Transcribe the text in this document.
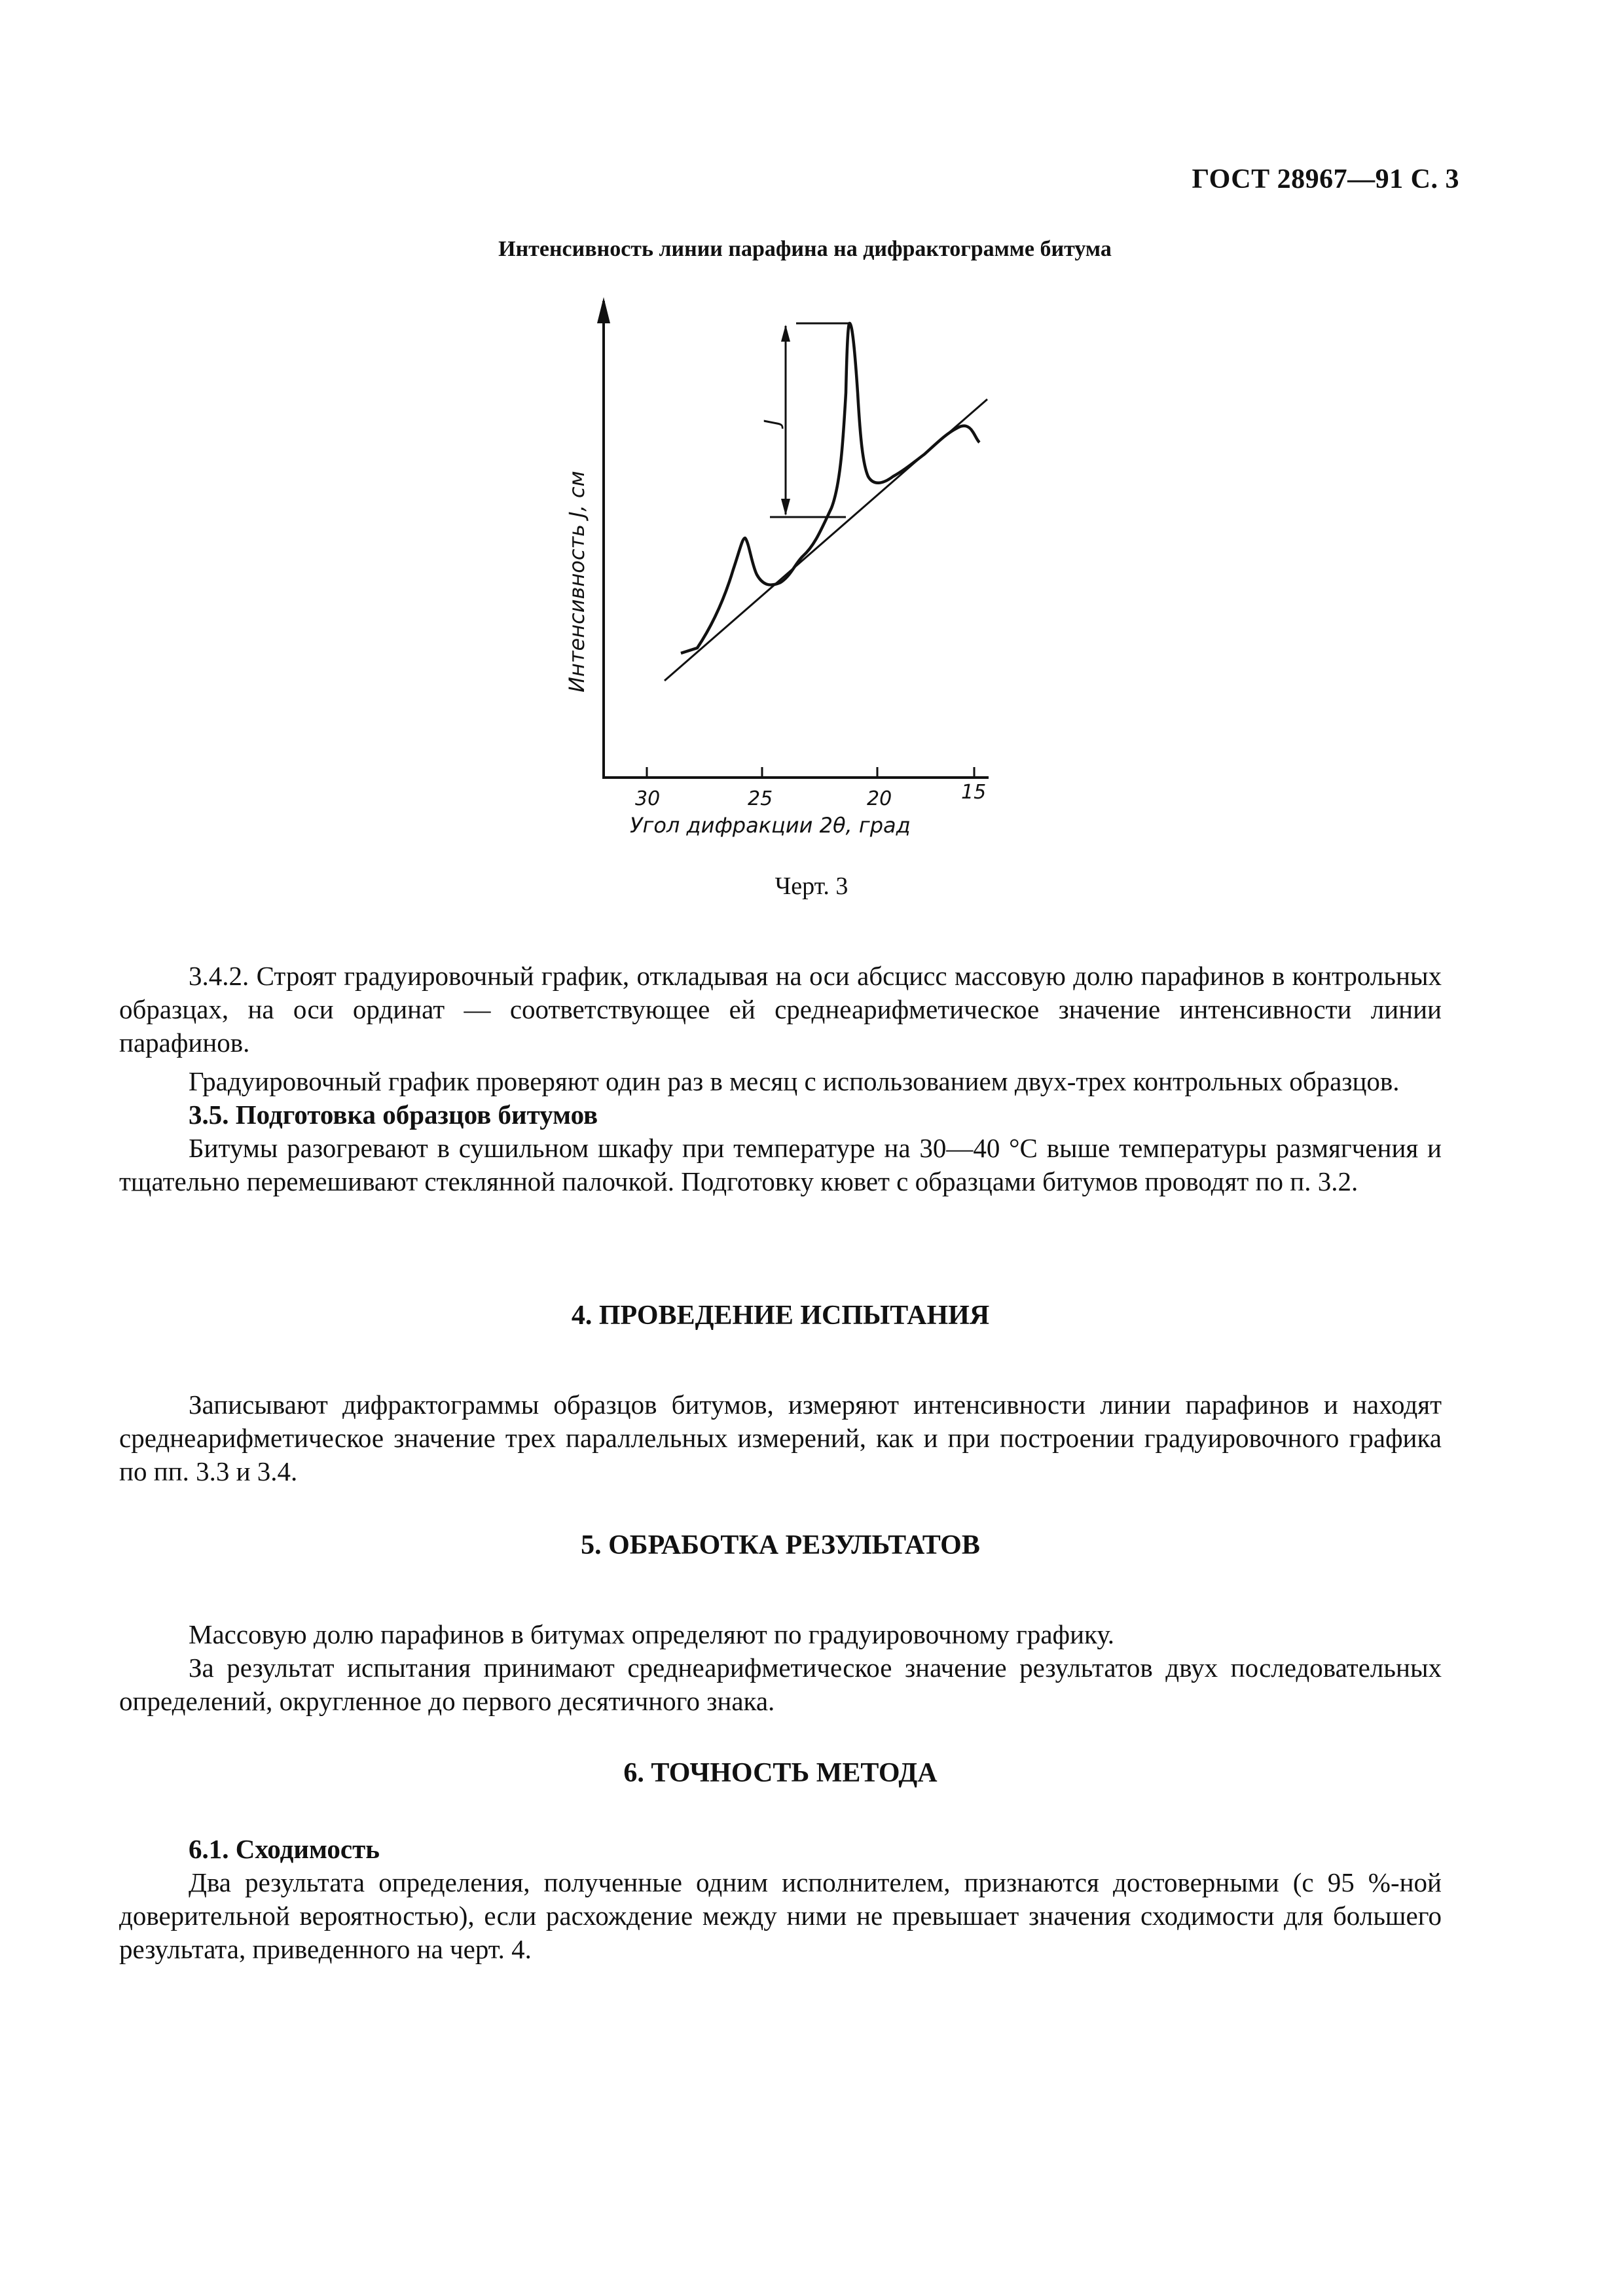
ГОСТ 28967—91 С. 3
Интенсивность линии парафина на дифрактограмме битума
30	25	20	15
Угол дифракции 2θ, град
Интенсивность J, см
J
Черт. 3

3.4.2. Строят градуировочный график, откладывая на оси абсцисс массовую долю парафинов в контрольных образцах, на оси ординат — соответствующее ей среднеарифметическое значение интенсивности линии парафинов.

Градуировочный график проверяют один раз в месяц с использованием двух-трех контрольных образцов.

3.5. Подготовка образцов битумов

Битумы разогревают в сушильном шкафу при температуре на 30—40 °С выше температуры размягчения и тщательно перемешивают стеклянной палочкой. Подготовку кювет с образцами битумов проводят по п. 3.2.

4. ПРОВЕДЕНИЕ ИСПЫТАНИЯ

Записывают дифрактограммы образцов битумов, измеряют интенсивности линии парафинов и находят среднеарифметическое значение трех параллельных измерений, как и при построении градуировочного графика по пп. 3.3 и 3.4.

5. ОБРАБОТКА РЕЗУЛЬТАТОВ

Массовую долю парафинов в битумах определяют по градуировочному графику.

За результат испытания принимают среднеарифметическое значение результатов двух последовательных определений, округленное до первого десятичного знака.

6. ТОЧНОСТЬ МЕТОДА

6.1. Сходимость

Два результата определения, полученные одним исполнителем, признаются достоверными (с 95 %-ной доверительной вероятностью), если расхождение между ними не превышает значения сходимости для большего результата, приведенного на черт. 4.
